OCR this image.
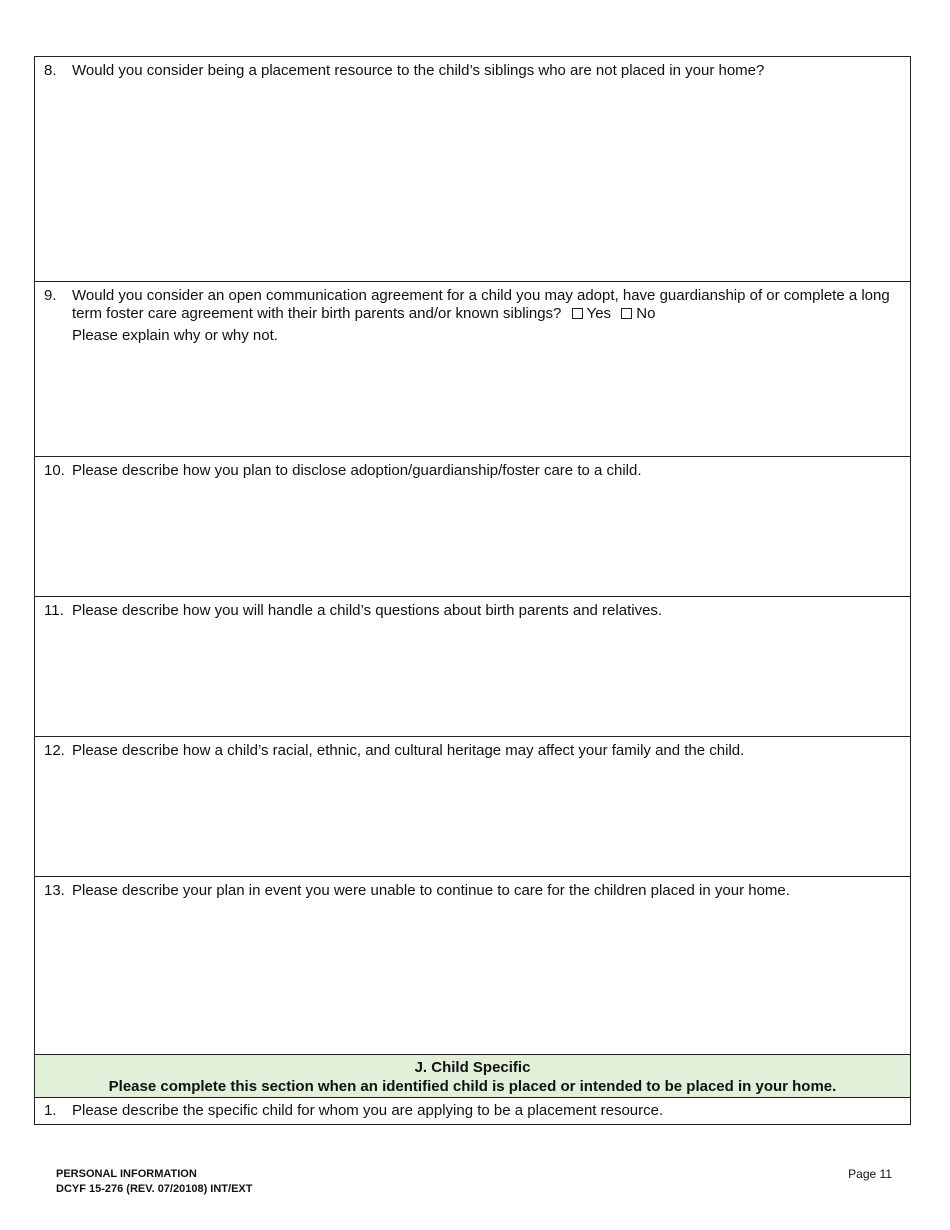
8. Would you consider being a placement resource to the child’s siblings who are not placed in your home?
9. Would you consider an open communication agreement for a child you may adopt, have guardianship of or complete a long term foster care agreement with their birth parents and/or known siblings? Yes No
Please explain why or why not.
10. Please describe how you plan to disclose adoption/guardianship/foster care to a child.
11. Please describe how you will handle a child’s questions about birth parents and relatives.
12. Please describe how a child’s racial, ethnic, and cultural heritage may affect your family and the child.
13. Please describe your plan in event you were unable to continue to care for the children placed in your home.
J. Child Specific
Please complete this section when an identified child is placed or intended to be placed in your home.
1. Please describe the specific child for whom you are applying to be a placement resource.
PERSONAL INFORMATION
DCYF 15-276 (REV. 07/20108) INT/EXT
Page 11
